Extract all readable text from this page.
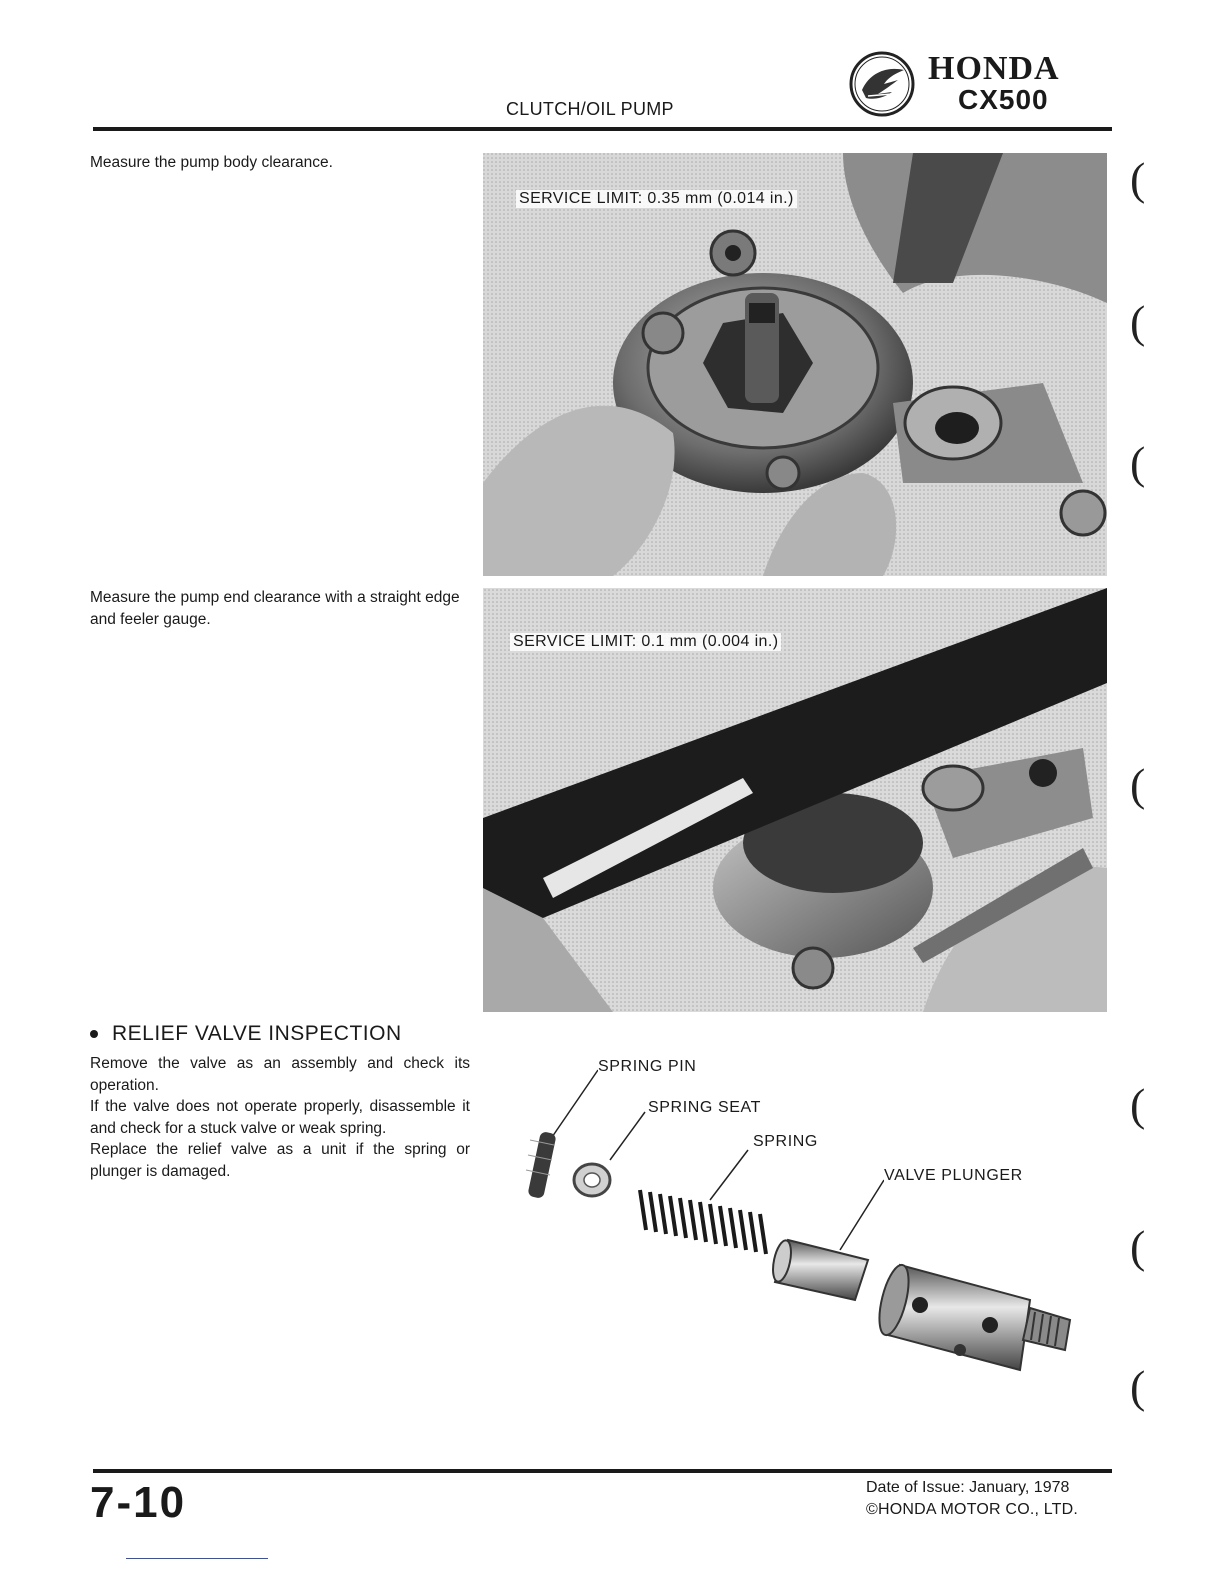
CLUTCH/OIL PUMP
HONDA
CX500
Measure the pump body clearance.
SERVICE LIMIT: 0.35 mm (0.014 in.)
Measure the pump end clearance with a straight edge and feeler gauge.
SERVICE LIMIT: 0.1 mm (0.004 in.)
RELIEF VALVE INSPECTION

Remove the valve as an assembly and check its operation.

If the valve does not operate properly, disassemble it and check for a stuck valve or weak spring.

Replace the relief valve as a unit if the spring or plunger is damaged.

SPRING PIN
SPRING SEAT
SPRING
VALVE PLUNGER
(
(
(
(
(
(
(
7-10	Date of Issue: January, 1978
©HONDA MOTOR CO., LTD.
